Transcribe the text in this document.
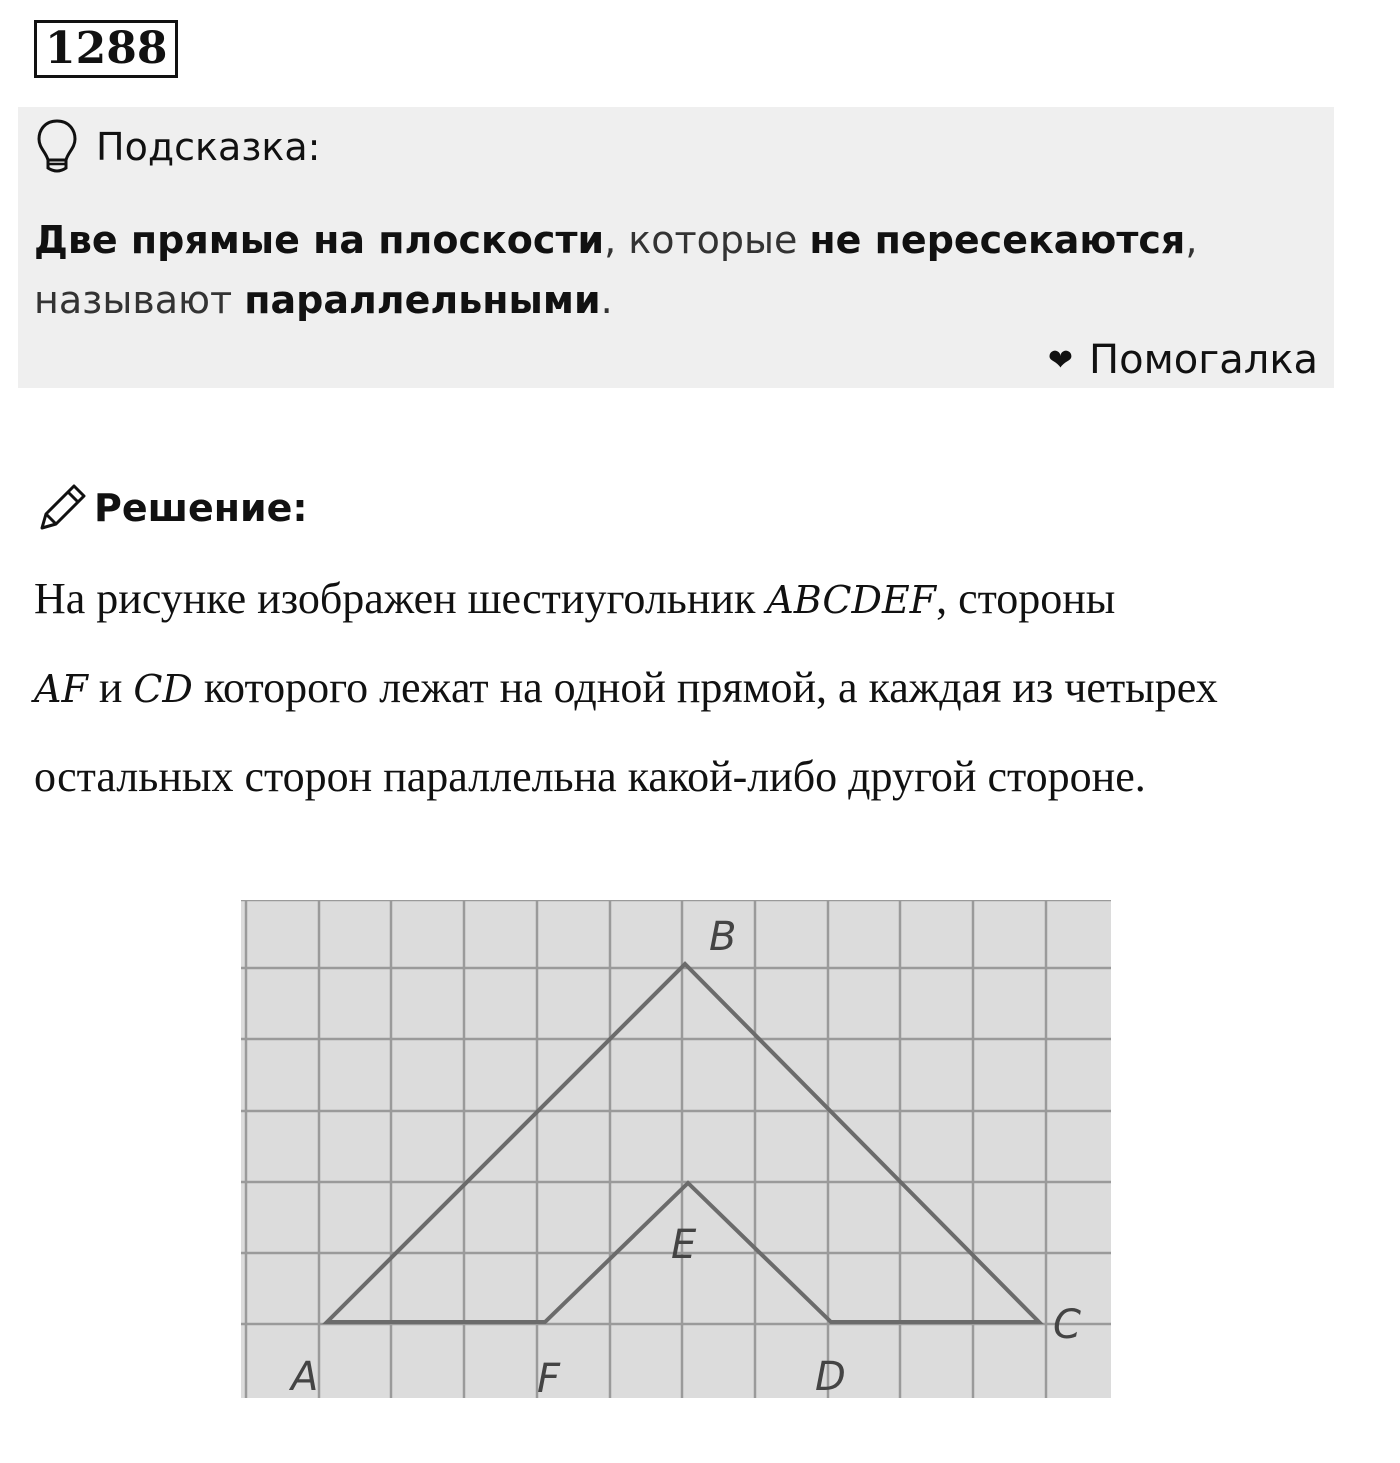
1288
Подсказка:
Две прямые на плоскости, которые не пересекаются,
называют параллельными.
❤ Помогалка
Решение:
На рисунке изображен шестиугольник ABCDEF, стороны
AF и CD которого лежат на одной прямой, а каждая из четырех остальных сторон параллельна какой-либо другой стороне.
B
A	F
E
D
C
